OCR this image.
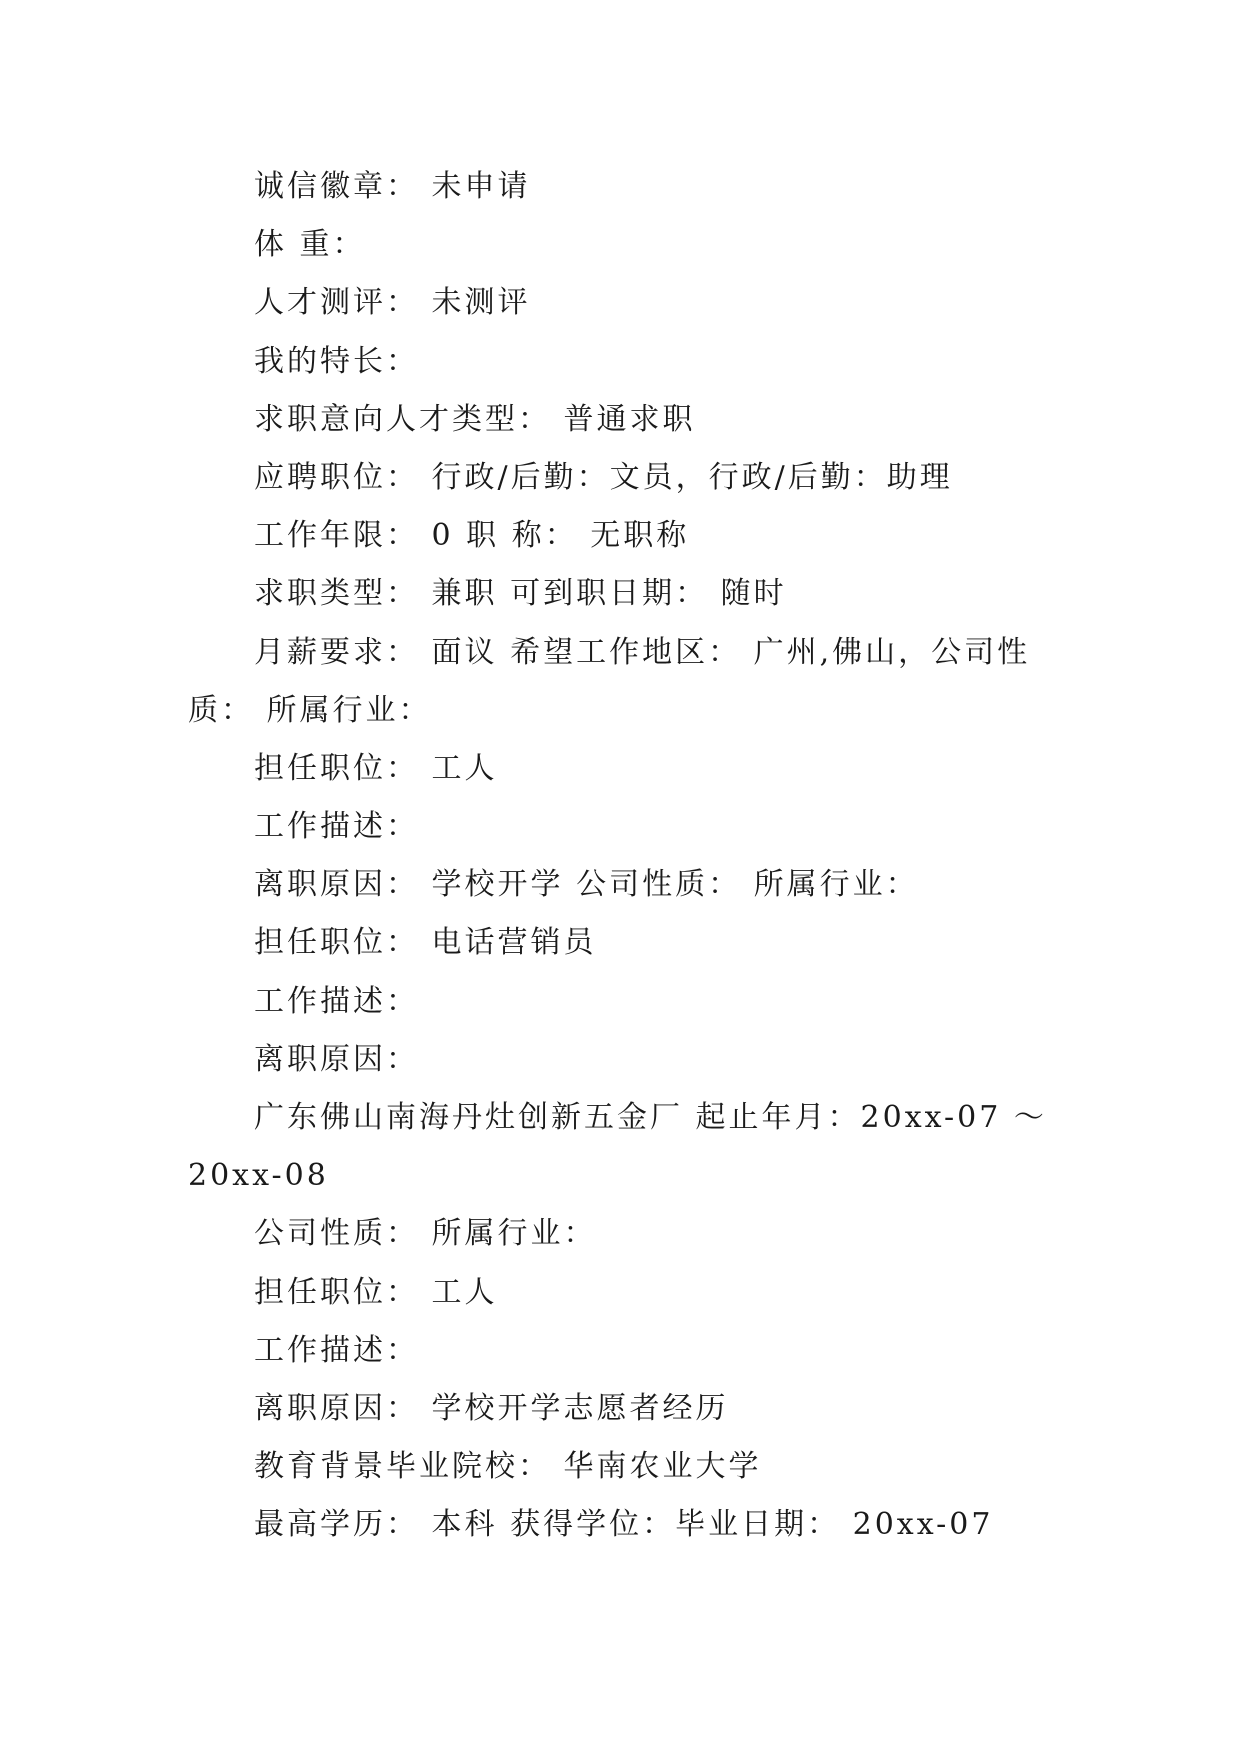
诚信徽章： 未申请
体 重：
人才测评： 未测评
我的特长：
求职意向人才类型： 普通求职
应聘职位： 行政/后勤：文员，行政/后勤：助理
工作年限： 0 职 称： 无职称
求职类型： 兼职 可到职日期： 随时
月薪要求： 面议 希望工作地区： 广州,佛山，公司性
质： 所属行业：
担任职位： 工人
工作描述：
离职原因： 学校开学 公司性质： 所属行业：
担任职位： 电话营销员
工作描述：
离职原因：
广东佛山南海丹灶创新五金厂 起止年月：20xx-07 ～
20xx-08
公司性质： 所属行业：
担任职位： 工人
工作描述：
离职原因： 学校开学志愿者经历
教育背景毕业院校： 华南农业大学
最高学历： 本科 获得学位：毕业日期： 20xx-07
